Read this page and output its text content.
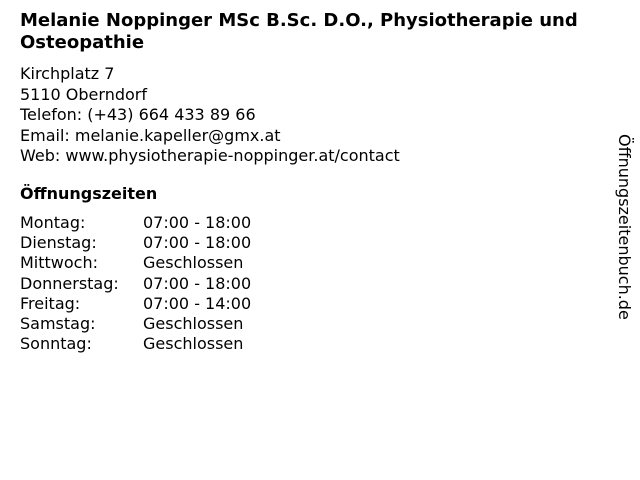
Melanie Noppinger MSc B.Sc. D.O., Physiotherapie und Osteopathie
Kirchplatz 7
5110 Oberndorf
Telefon: (+43) 664 433 89 66
Email: melanie.kapeller@gmx.at
Web: www.physiotherapie-noppinger.at/contact
Öffnungszeiten
Montag:	07:00 - 18:00
Dienstag:	07:00 - 18:00
Mittwoch:	Geschlossen
Donnerstag:	07:00 - 18:00
Freitag:	07:00 - 14:00
Samstag:	Geschlossen
Sonntag:	Geschlossen
Öffnungszeitenbuch.de
